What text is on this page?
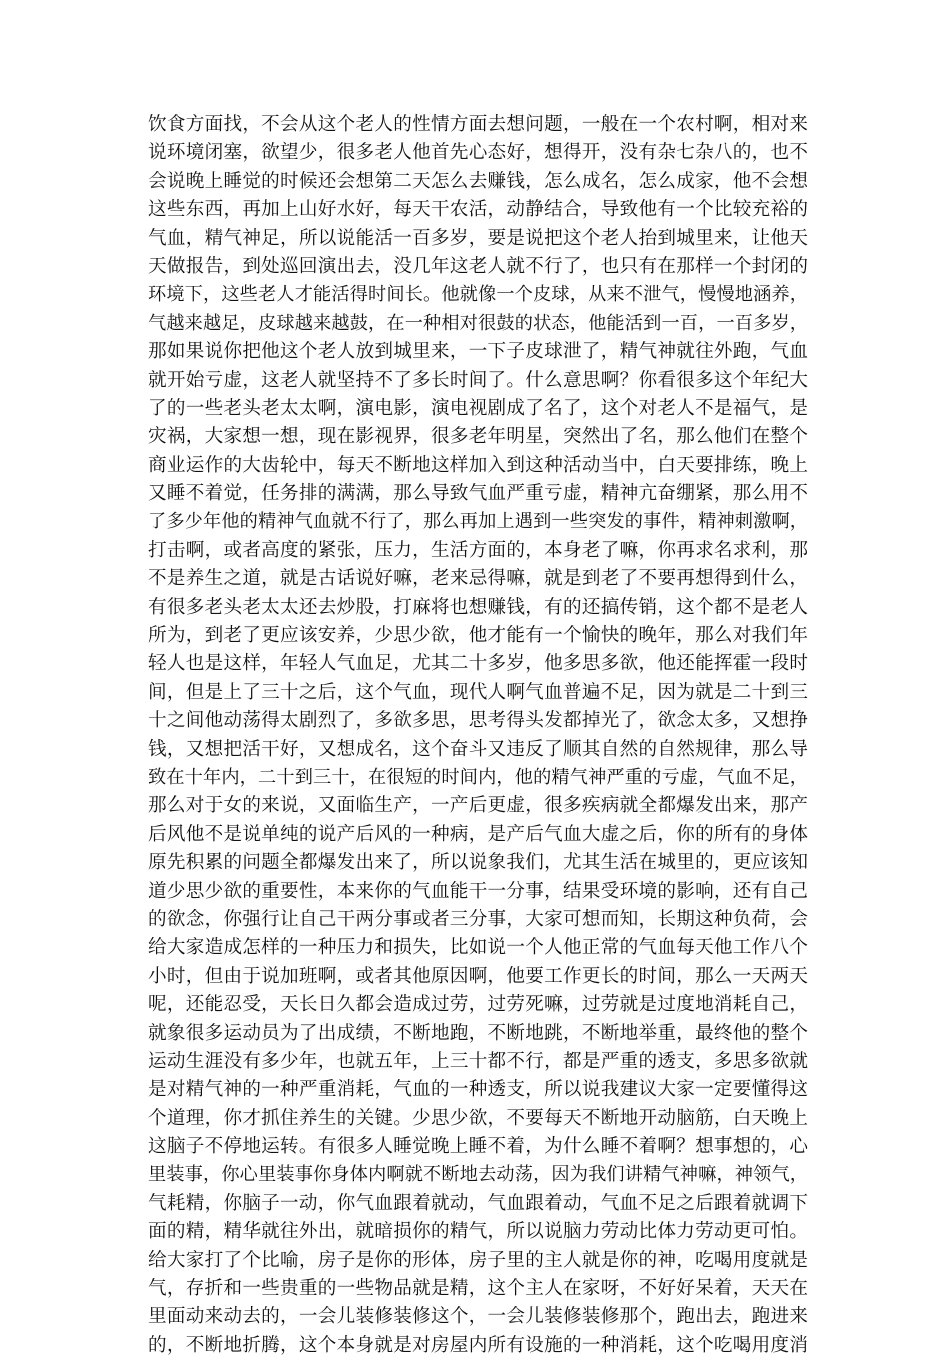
饮食方面找，不会从这个老人的性情方面去想问题，一般在一个农村啊，相对来
说环境闭塞，欲望少，很多老人他首先心态好，想得开，没有杂七杂八的，也不
会说晚上睡觉的时候还会想第二天怎么去赚钱，怎么成名，怎么成家，他不会想
这些东西，再加上山好水好，每天干农活，动静结合，导致他有一个比较充裕的
气血，精气神足，所以说能活一百多岁，要是说把这个老人抬到城里来，让他天
天做报告，到处巡回演出去，没几年这老人就不行了，也只有在那样一个封闭的
环境下，这些老人才能活得时间长。他就像一个皮球，从来不泄气，慢慢地涵养，
气越来越足，皮球越来越鼓，在一种相对很鼓的状态，他能活到一百，一百多岁，
那如果说你把他这个老人放到城里来，一下子皮球泄了，精气神就往外跑，气血
就开始亏虚，这老人就坚持不了多长时间了。什么意思啊？你看很多这个年纪大
了的一些老头老太太啊，演电影，演电视剧成了名了，这个对老人不是福气，是
灾祸，大家想一想，现在影视界，很多老年明星，突然出了名，那么他们在整个
商业运作的大齿轮中，每天不断地这样加入到这种活动当中，白天要排练，晚上
又睡不着觉，任务排的满满，那么导致气血严重亏虚，精神亢奋绷紧，那么用不
了多少年他的精神气血就不行了，那么再加上遇到一些突发的事件，精神刺激啊，
打击啊，或者高度的紧张，压力，生活方面的，本身老了嘛，你再求名求利，那
不是养生之道，就是古话说好嘛，老来忌得嘛，就是到老了不要再想得到什么，
有很多老头老太太还去炒股，打麻将也想赚钱，有的还搞传销，这个都不是老人
所为，到老了更应该安养，少思少欲，他才能有一个愉快的晚年，那么对我们年
轻人也是这样，年轻人气血足，尤其二十多岁，他多思多欲，他还能挥霍一段时
间，但是上了三十之后，这个气血，现代人啊气血普遍不足，因为就是二十到三
十之间他动荡得太剧烈了，多欲多思，思考得头发都掉光了，欲念太多，又想挣
钱，又想把活干好，又想成名，这个奋斗又违反了顺其自然的自然规律，那么导
致在十年内，二十到三十，在很短的时间内，他的精气神严重的亏虚，气血不足，
那么对于女的来说，又面临生产，一产后更虚，很多疾病就全都爆发出来，那产
后风他不是说单纯的说产后风的一种病，是产后气血大虚之后，你的所有的身体
原先积累的问题全都爆发出来了，所以说象我们，尤其生活在城里的，更应该知
道少思少欲的重要性，本来你的气血能干一分事，结果受环境的影响，还有自己
的欲念，你强行让自己干两分事或者三分事，大家可想而知，长期这种负荷，会
给大家造成怎样的一种压力和损失，比如说一个人他正常的气血每天他工作八个
小时，但由于说加班啊，或者其他原因啊，他要工作更长的时间，那么一天两天
呢，还能忍受，天长日久都会造成过劳，过劳死嘛，过劳就是过度地消耗自己，
就象很多运动员为了出成绩，不断地跑，不断地跳，不断地举重，最终他的整个
运动生涯没有多少年，也就五年，上三十都不行，都是严重的透支，多思多欲就
是对精气神的一种严重消耗，气血的一种透支，所以说我建议大家一定要懂得这
个道理，你才抓住养生的关键。少思少欲，不要每天不断地开动脑筋，白天晚上
这脑子不停地运转。有很多人睡觉晚上睡不着，为什么睡不着啊？想事想的，心
里装事，你心里装事你身体内啊就不断地去动荡，因为我们讲精气神嘛，神领气，
气耗精，你脑子一动，你气血跟着就动，气血跟着动，气血不足之后跟着就调下
面的精，精华就往外出，就暗损你的精气，所以说脑力劳动比体力劳动更可怕。
给大家打了个比喻，房子是你的形体，房子里的主人就是你的神，吃喝用度就是
气，存折和一些贵重的一些物品就是精，这个主人在家呀，不好好呆着，天天在
里面动来动去的，一会儿装修装修这个，一会儿装修装修那个，跑出去，跑进来
的，不断地折腾，这个本身就是对房屋内所有设施的一种消耗，这个吃喝用度消
